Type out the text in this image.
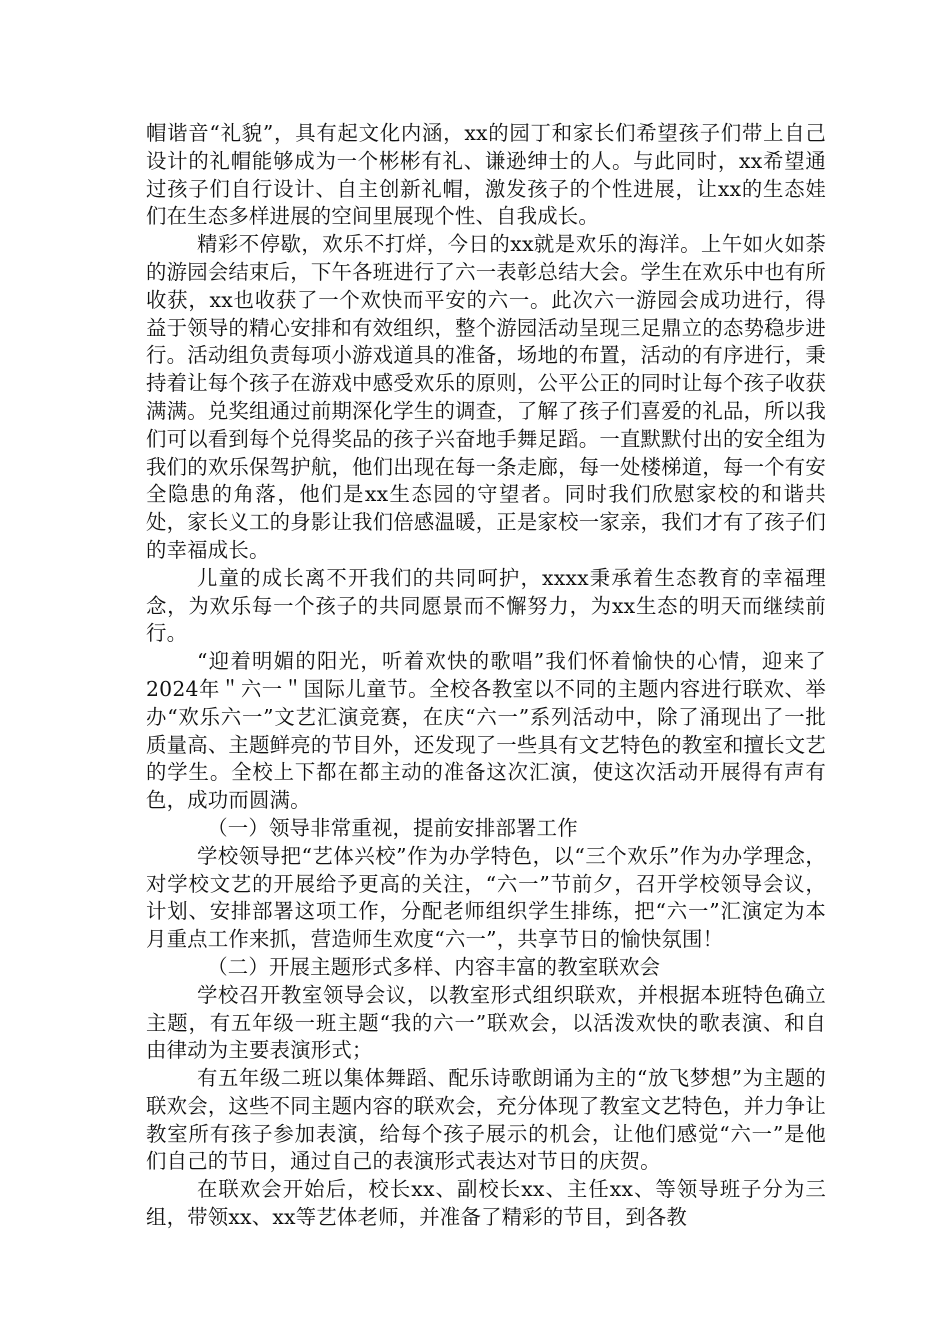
帽谐音“礼貌”，具有起文化内涵，xx的园丁和家长们希望孩子们带上自己设计的礼帽能够成为一个彬彬有礼、谦逊绅士的人。与此同时，xx希望通过孩子们自行设计、自主创新礼帽，激发孩子的个性进展，让xx的生态娃们在生态多样进展的空间里展现个性、自我成长。

精彩不停歇，欢乐不打烊，今日的xx就是欢乐的海洋。上午如火如荼的游园会结束后，下午各班进行了六一表彰总结大会。学生在欢乐中也有所收获，xx也收获了一个欢快而平安的六一。此次六一游园会成功进行，得益于领导的精心安排和有效组织，整个游园活动呈现三足鼎立的态势稳步进行。活动组负责每项小游戏道具的准备，场地的布置，活动的有序进行，秉持着让每个孩子在游戏中感受欢乐的原则，公平公正的同时让每个孩子收获满满。兑奖组通过前期深化学生的调查，了解了孩子们喜爱的礼品，所以我们可以看到每个兑得奖品的孩子兴奋地手舞足蹈。一直默默付出的安全组为我们的欢乐保驾护航，他们出现在每一条走廊，每一处楼梯道，每一个有安全隐患的角落，他们是xx生态园的守望者。同时我们欣慰家校的和谐共处，家长义工的身影让我们倍感温暖，正是家校一家亲，我们才有了孩子们的幸福成长。

儿童的成长离不开我们的共同呵护，xxxx秉承着生态教育的幸福理念，为欢乐每一个孩子的共同愿景而不懈努力，为xx生态的明天而继续前行。

“迎着明媚的阳光，听着欢快的歌唱”我们怀着愉快的心情，迎来了2024年＂六一＂国际儿童节。全校各教室以不同的主题内容进行联欢、举办“欢乐六一”文艺汇演竞赛，在庆“六一”系列活动中，除了涌现出了一批质量高、主题鲜亮的节目外，还发现了一些具有文艺特色的教室和擅长文艺的学生。全校上下都在都主动的准备这次汇演，使这次活动开展得有声有色，成功而圆满。

（一）领导非常重视，提前安排部署工作

学校领导把“艺体兴校”作为办学特色，以“三个欢乐”作为办学理念，对学校文艺的开展给予更高的关注，“六一”节前夕，召开学校领导会议，计划、安排部署这项工作，分配老师组织学生排练，把“六一”汇演定为本月重点工作来抓，营造师生欢度“六一”，共享节日的愉快氛围！

（二）开展主题形式多样、内容丰富的教室联欢会

学校召开教室领导会议，以教室形式组织联欢，并根据本班特色确立主题，有五年级一班主题“我的六一”联欢会，以活泼欢快的歌表演、和自由律动为主要表演形式；

有五年级二班以集体舞蹈、配乐诗歌朗诵为主的“放飞梦想”为主题的联欢会，这些不同主题内容的联欢会，充分体现了教室文艺特色，并力争让教室所有孩子参加表演，给每个孩子展示的机会，让他们感觉“六一”是他们自己的节日，通过自己的表演形式表达对节日的庆贺。

在联欢会开始后，校长xx、副校长xx、主任xx、等领导班子分为三组，带领xx、xx等艺体老师，并准备了精彩的节目，到各教
